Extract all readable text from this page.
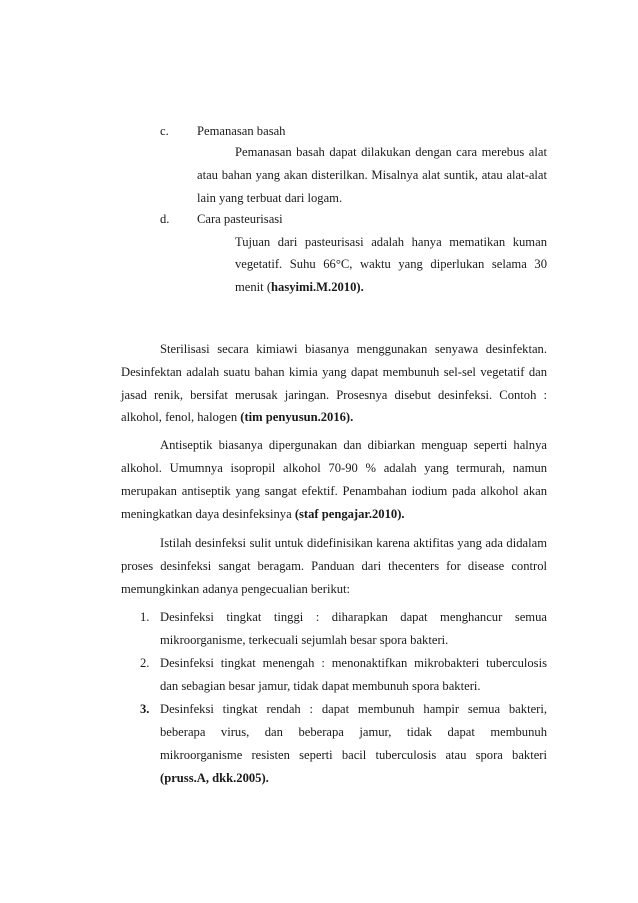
c. Pemanasan basah
Pemanasan basah dapat dilakukan dengan cara merebus alat
atau bahan yang akan disterilkan. Misalnya alat suntik, atau alat-alat
lain yang terbuat dari logam.
d. Cara pasteurisasi
Tujuan dari pasteurisasi adalah hanya mematikan kuman
vegetatif. Suhu 66°C, waktu yang diperlukan selama 30
menit (hasyimi.M.2010).
Sterilisasi secara kimiawi biasanya menggunakan senyawa desinfektan.
Desinfektan adalah suatu bahan kimia yang dapat membunuh sel-sel vegetatif dan
jasad renik, bersifat merusak jaringan. Prosesnya disebut desinfeksi. Contoh :
alkohol, fenol, halogen (tim penyusun.2016).
Antiseptik biasanya dipergunakan dan dibiarkan menguap seperti halnya
alkohol. Umumnya isopropil alkohol 70-90 % adalah yang termurah, namun
merupakan antiseptik yang sangat efektif. Penambahan iodium pada alkohol akan
meningkatkan daya desinfeksinya (staf pengajar.2010).
Istilah desinfeksi sulit untuk didefinisikan karena aktifitas yang ada didalam
proses desinfeksi sangat beragam. Panduan dari thecenters for disease control
memungkinkan adanya pengecualian berikut:
1. Desinfeksi tingkat tinggi : diharapkan dapat menghancur semua
mikroorganisme, terkecuali sejumlah besar spora bakteri.
2. Desinfeksi tingkat menengah : menonaktifkan mikrobakteri tuberculosis
dan sebagian besar jamur, tidak dapat membunuh spora bakteri.
3. Desinfeksi tingkat rendah : dapat membunuh hampir semua bakteri,
beberapa virus, dan beberapa jamur, tidak dapat membunuh
mikroorganisme resisten seperti bacil tuberculosis atau spora bakteri
(pruss.A, dkk.2005).
